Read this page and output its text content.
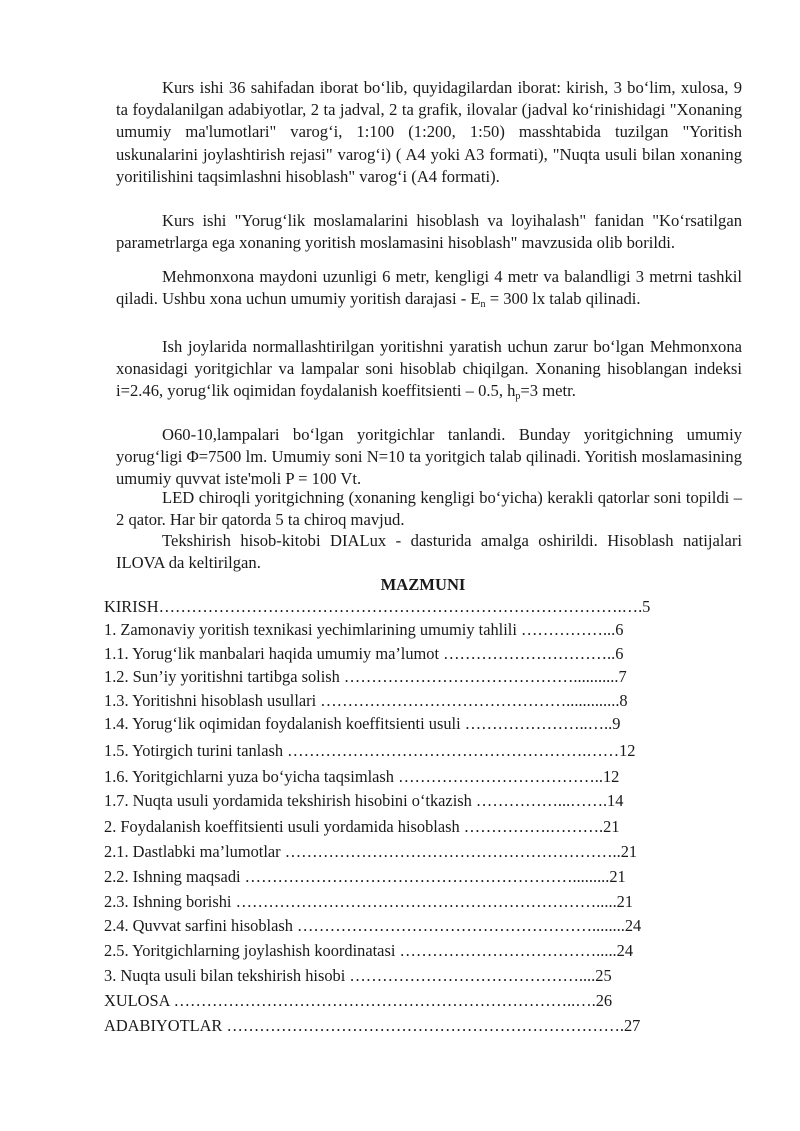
Kurs ishi 36 sahifadan iborat bo‘lib, quyidagilardan iborat: kirish, 3 bo‘lim, xulosa, 9 ta foydalanilgan adabiyotlar, 2 ta jadval, 2 ta grafik, ilovalar (jadval ko‘rinishidagi "Xonaning umumiy ma'lumotlari" varog‘i, 1:100 (1:200, 1:50) masshtabida tuzilgan "Yoritish uskunalarini joylashtirish rejasi" varog‘i) ( A4 yoki A3 formati), "Nuqta usuli bilan xonaning yoritilishini taqsimlashni hisoblash" varog‘i (A4 formati).

Kurs ishi "Yorug‘lik moslamalarini hisoblash va loyihalash" fanidan "Ko‘rsatilgan parametrlarga ega xonaning yoritish moslamasini hisoblash" mavzusida olib borildi.

Mehmonxona maydoni uzunligi 6 metr, kengligi 4 metr va balandligi 3 metrni tashkil qiladi. Ushbu xona uchun umumiy yoritish darajasi - $E_n = 300$ lx talab qilinadi.

Ish joylarida normallashtirilgan yoritishni yaratish uchun zarur bo‘lgan Mehmonxona xonasidagi yoritgichlar va lampalar soni hisoblab chiqilgan. Xonaning hisoblangan indeksi i=2.46, yorug‘lik oqimidan foydalanish koeffitsienti – 0.5, $h_p=3$ metr.

O60-10,lampalari bo‘lgan yoritgichlar tanlandi. Bunday yoritgichning umumiy yorug‘ligi Φ=7500 lm. Umumiy soni N=10 ta yoritgich talab qilinadi. Yoritish moslamasining umumiy quvvat iste'moli P = 100 Vt.

LED chiroqli yoritgichning (xonaning kengligi bo‘yicha) kerakli qatorlar soni topildi – 2 qator. Har bir qatorda 5 ta chiroq mavjud.

Tekshirish hisob-kitobi DIALux - dasturida amalga oshirildi. Hisoblash natijalari ILOVA da keltirilgan.

MAZMUNI

KIRISH………………………………………………………………………….….5

1. Zamonaviy yoritish texnikasi yechimlarining umumiy tahlili ……………...6

1.1. Yorug‘lik manbalari haqida umumiy ma’lumot …………………………..6

1.2. Sun’iy yoritishni tartibga solish ……………………………………...........7

1.3. Yoritishni hisoblash usullari ……………………………………….............8

1.4. Yorug‘lik oqimidan foydalanish koeffitsienti usuli …………………..…..9

1.5. Yotirgich turini tanlash ……………………………………………….……12

1.6. Yoritgichlarni yuza bo‘yicha taqsimlash ………………………………..12

1.7. Nuqta usuli yordamida tekshirish hisobini o‘tkazish ……………...…….14

2. Foydalanish koeffitsienti usuli yordamida hisoblash …………….……….21

2.1. Dastlabki ma’lumotlar ……………………………………………………..21

2.2. Ishning maqsadi …………………………………………………….........21

2.3. Ishning borishi ………………………………………………………….....21

2.4. Quvvat sarfini hisoblash ………………………………………………........24

2.5. Yoritgichlarning joylashish koordinatasi ……………………………….....24

3. Nuqta usuli bilan tekshirish hisobi ……………………………………....25

XULOSA ………………………………………………………………..….26

ADABIYOTLAR ……………………………………………………………….27
